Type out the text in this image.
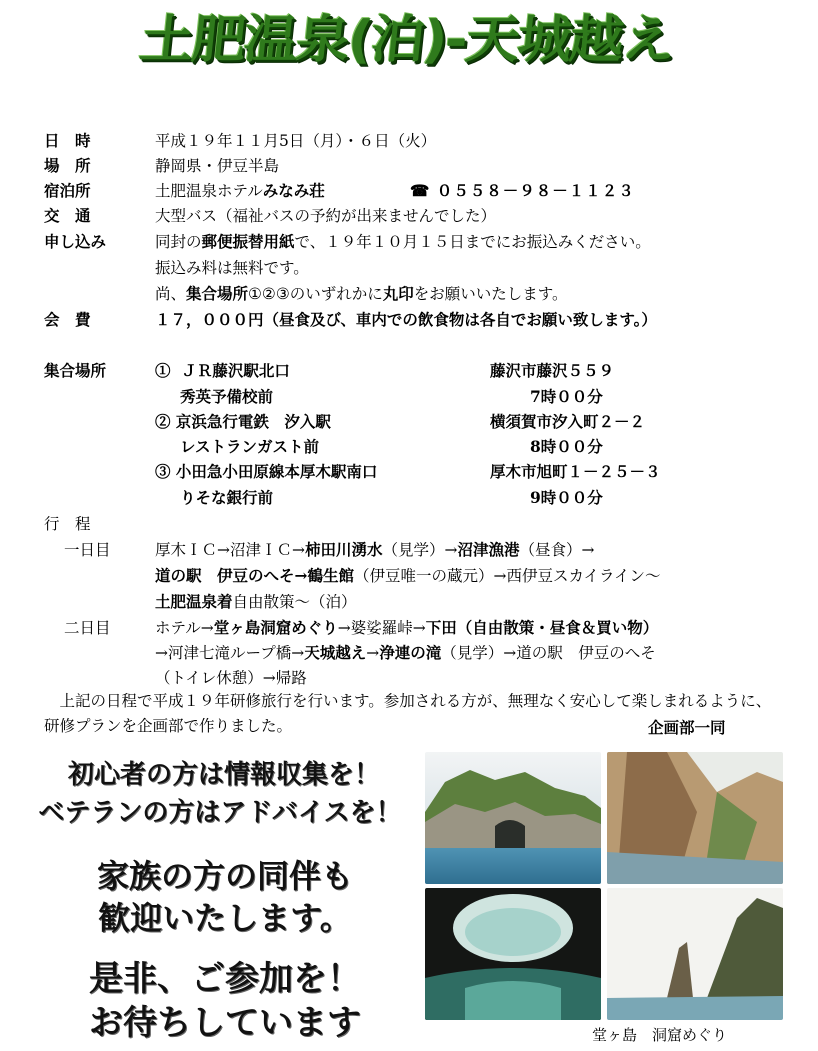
土肥温泉(泊)-天城越え
日　時	平成１９年１１月5日（月）・６日（火）
場　所	静岡県・伊豆半島
宿泊所	土肥温泉ホテルみなみ荘	☎ ０５５８－９８－１１２３
交　通	大型バス（福祉バスの予約が出来ませんでした）
申し込み	同封の郵便振替用紙で、１９年１０月１５日までにお振込みください。
振込み料は無料です。
尚、集合場所①②③のいずれかに丸印をお願いいたします。
会　費	１７，０００円（昼食及び、車内での飲食物は各自でお願い致します。）
集合場所	① ＪＲ藤沢駅北口	藤沢市藤沢５５９
秀英予備校前	7時００分
② 京浜急行電鉄　汐入駅	横須賀市汐入町２－２
レストランガスト前	8時００分
③ 小田急小田原線本厚木駅南口	厚木市旭町１－２５－３
りそな銀行前	9時００分
行　程
一日目	厚木ＩＣ→沼津ＩＣ→柿田川湧水（見学）→沼津漁港（昼食）→
道の駅　伊豆のへそ→鶴生館（伊豆唯一の蔵元）→西伊豆スカイライン～
土肥温泉着自由散策～（泊）
二日目	ホテル→堂ヶ島洞窟めぐり→婆娑羅峠→下田（自由散策・昼食＆買い物）
→河津七滝ループ橋→天城越え→浄連の滝（見学）→道の駅　伊豆のへそ
（トイレ休憩）→帰路
　上記の日程で平成１９年研修旅行を行います。参加される方が、無理なく安心して楽しまれるように、研修プランを企画部で作りました。	企画部一同
初心者の方は情報収集を！
ベテランの方はアドバイスを！
家族の方の同伴も
歓迎いたします。
是非、ご参加を！
お待ちしています	堂ヶ島　洞窟めぐり
